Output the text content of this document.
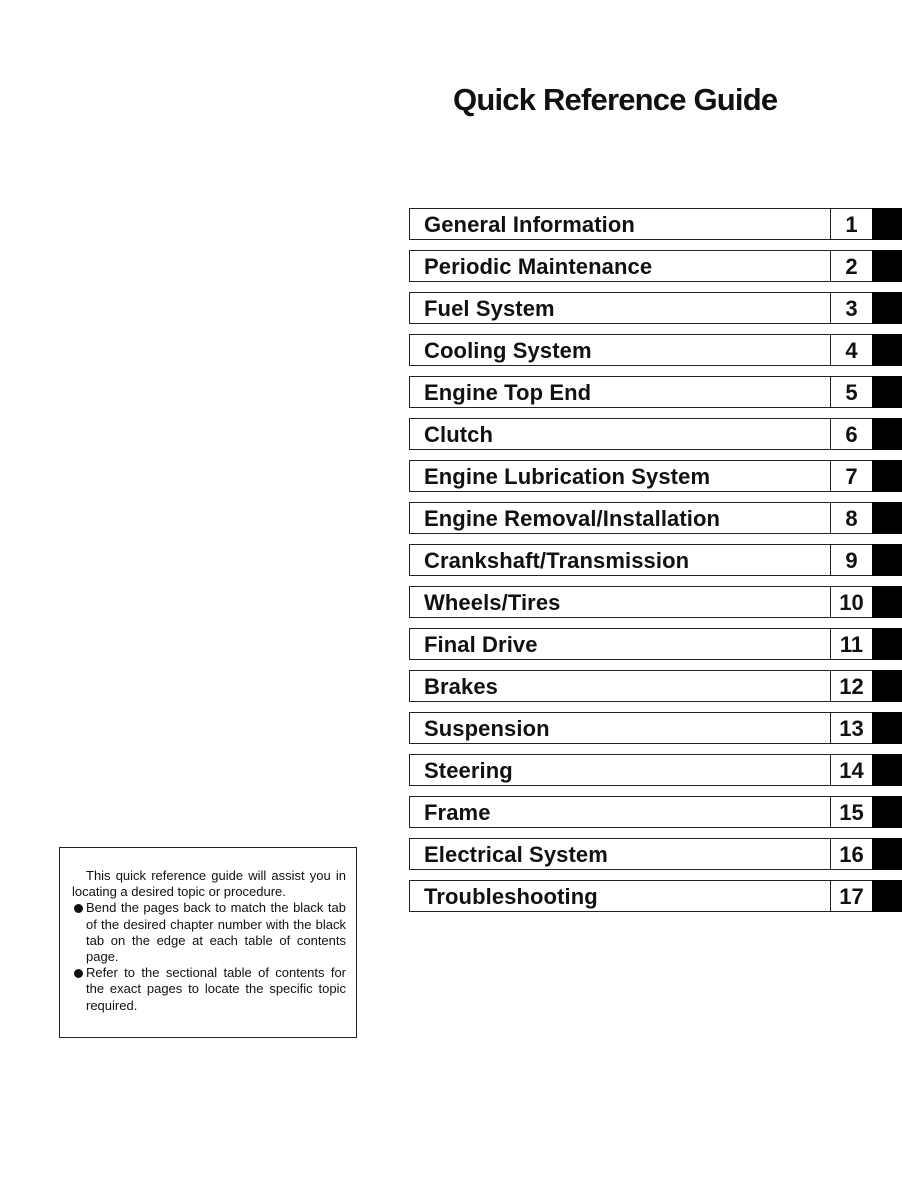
Quick Reference Guide
General Information	1
Periodic Maintenance	2
Fuel System	3
Cooling System	4
Engine Top End	5
Clutch	6
Engine Lubrication System	7
Engine Removal/Installation	8
Crankshaft/Transmission	9
Wheels/Tires	10
Final Drive	11
Brakes	12
Suspension	13
Steering	14
Frame	15
Electrical System	16
Troubleshooting	17

This quick reference guide will assist you in locating a desired topic or procedure.

Bend the pages back to match the black tab of the desired chapter number with the black tab on the edge at each table of contents page.

Refer to the sectional table of contents for the exact pages to locate the specific topic required.
